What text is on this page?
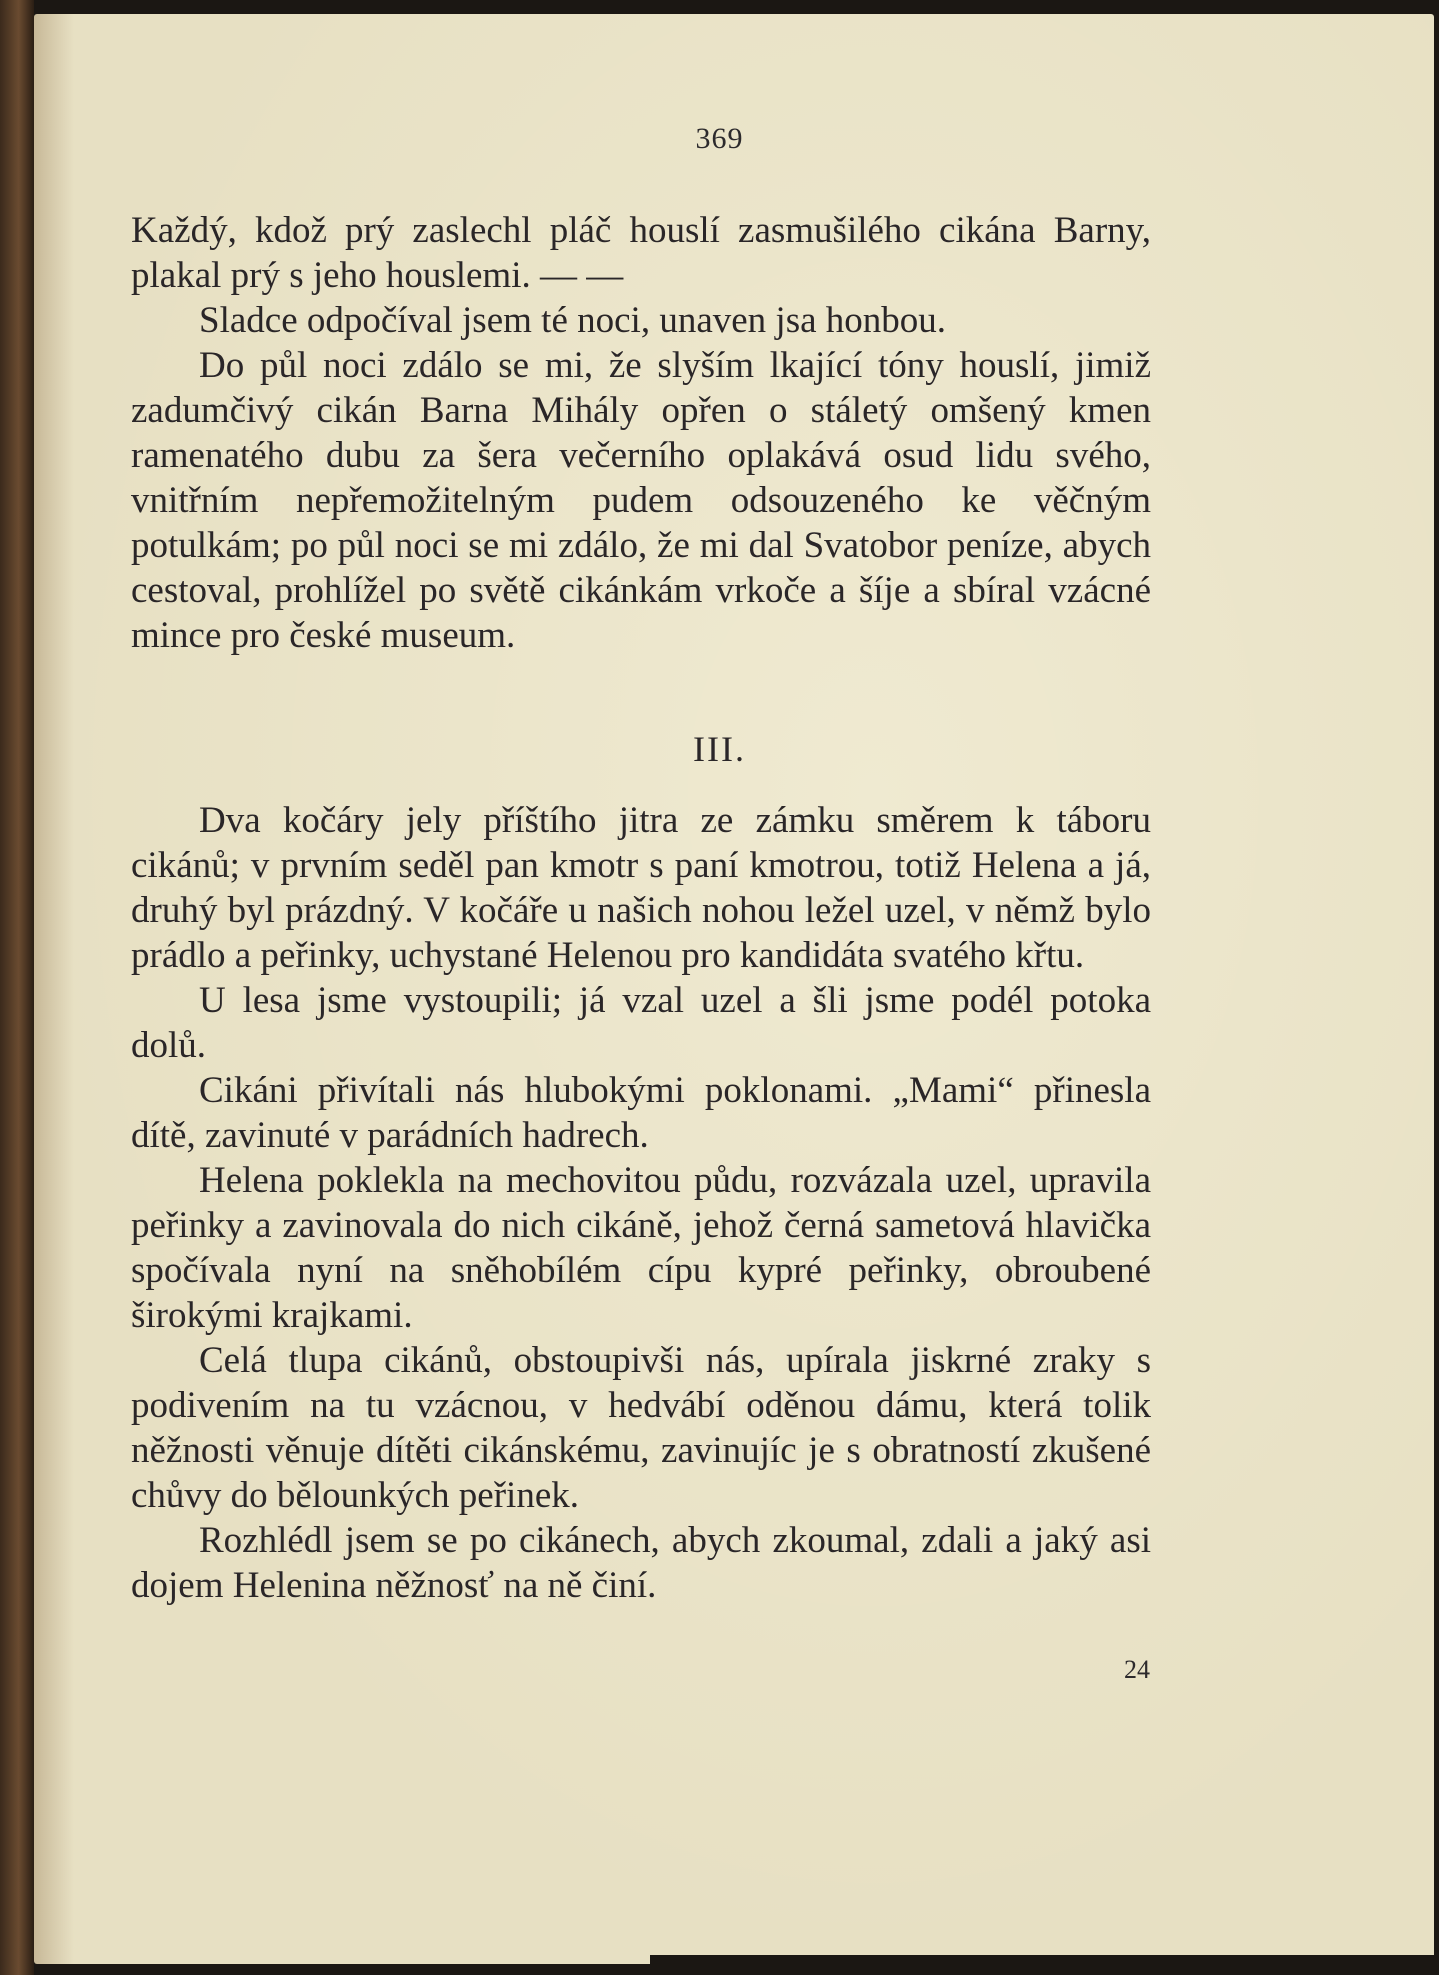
369

Každý, kdož prý zaslechl pláč houslí zasmušilého cikána Barny, plakal prý s jeho houslemi. — —

Sladce odpočíval jsem té noci, unaven jsa honbou.

Do půl noci zdálo se mi, že slyším lkající tóny houslí, jimiž zadumčivý cikán Barna Mihály opřen o stáletý omšený kmen ramenatého dubu za šera večerního oplakává osud lidu svého, vnitřním nepřemožitelným pudem odsouzeného ke věčným potulkám; po půl noci se mi zdálo, že mi dal Svatobor peníze, abych cestoval, prohlížel po světě cikánkám vrkoče a šíje a sbíral vzácné mince pro české museum.

III.

Dva kočáry jely příštího jitra ze zámku směrem k táboru cikánů; v prvním seděl pan kmotr s paní kmotrou, totiž Helena a já, druhý byl prázdný. V kočáře u našich nohou ležel uzel, v němž bylo prádlo a peřinky, uchystané Helenou pro kandidáta svatého křtu.

U lesa jsme vystoupili; já vzal uzel a šli jsme podél potoka dolů.

Cikáni přivítali nás hlubokými poklonami. „Mami“ přinesla dítě, zavinuté v parádních hadrech.

Helena poklekla na mechovitou půdu, rozvázala uzel, upravila peřinky a zavinovala do nich cikáně, jehož černá sametová hlavička spočívala nyní na sněhobílém cípu kypré peřinky, obroubené širokými krajkami.

Celá tlupa cikánů, obstoupivši nás, upírala jiskrné zraky s podivením na tu vzácnou, v hedvábí oděnou dámu, která tolik něžnosti věnuje dítěti cikánskému, zavinujíc je s obratností zkušené chůvy do bělounkých peřinek.

Rozhlédl jsem se po cikánech, abych zkoumal, zdali a jaký asi dojem Helenina něžnosť na ně činí.

24
